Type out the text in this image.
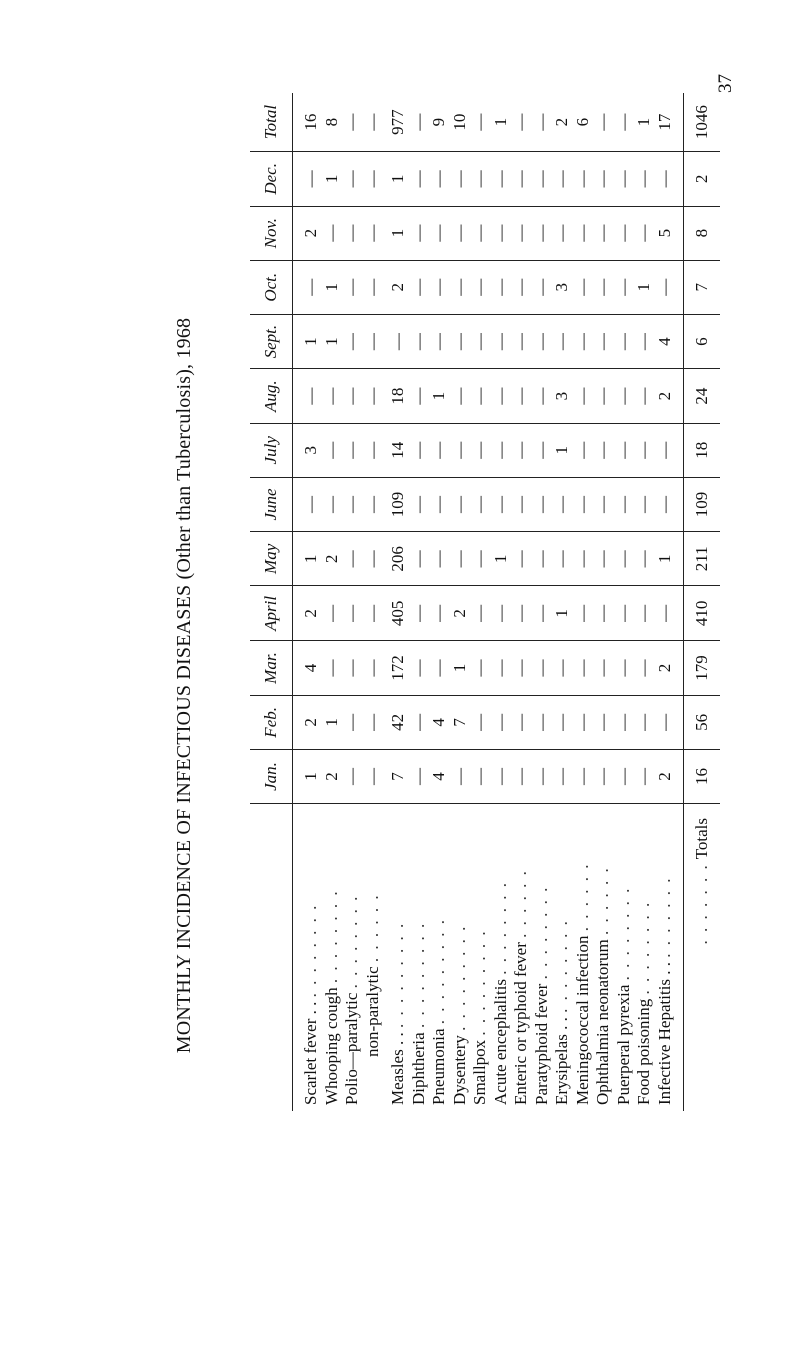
MONTHLY INCIDENCE OF INFECTIOUS DISEASES (Other than Tuberculosis), 1968
		Jan.	Feb.	Mar.	April	May	June	July	Aug.	Sept.	Oct.	Nov.	Dec.	Total

Scarlet fever . . . . . . . . . .	1	2	4	2	1	—	3	—	1	—	2	—	16
Whooping cough . . . . . . . .	2	1	—	—	2	—	—	—	1	1	—	1	8
Polio—paralytic . . . . . . . .	—	—	—	—	—	—	—	—	—	—	—	—	—
non-paralytic . . . . . .	—	—	—	—	—	—	—	—	—	—	—	—	—

Measles . . . . . . . . . . .	7	42	172	405	206	109	14	18	—	2	1	1	977
Diphtheria . . . . . . . . .	—	—	—	—	—	—	—	—	—	—	—	—	—
Pneumonia . . . . . . . . .	4	4	—	—	—	—	—	1	—	—	—	—	9
Dysentery . . . . . . . . .	—	7	1	2	—	—	—	—	—	—	—	—	10
Smallpox . . . . . . . . .	—	—	—	—	—	—	—	—	—	—	—	—	—
Acute encephalitis . . . . . . . .	—	—	—	—	1	—	—	—	—	—	—	—	1
Enteric or typhoid fever . . . . . .	—	—	—	—	—	—	—	—	—	—	—	—	—
Paratyphoid fever . . . . . . . .	—	—	—	—	—	—	—	—	—	—	—	—	—
Erysipelas . . . . . . . . . .	—	—	—	1	—	—	1	3	—	3	—	—	2
Meningococcal infection . . . . . .	—	—	—	—	—	—	—	—	—	—	—	—	6
Ophthalmia neonatorum . . . . . .	—	—	—	—	—	—	—	—	—	—	—	—	—
Puerperal pyrexia . . . . . . . .	—	—	—	—	—	—	—	—	—	—	—	—	—
Food poisoning . . . . . . . .	—	—	—	—	—	—	—	—	—	1	—	—	1
Infective Hepatitis . . . . . . . . .	2	—	2	—	1	—	—	2	4	—	5	—	17

. . . . . . . Totals	16	56	179	410	211	109	18	24	6	7	8	2	1046
37
